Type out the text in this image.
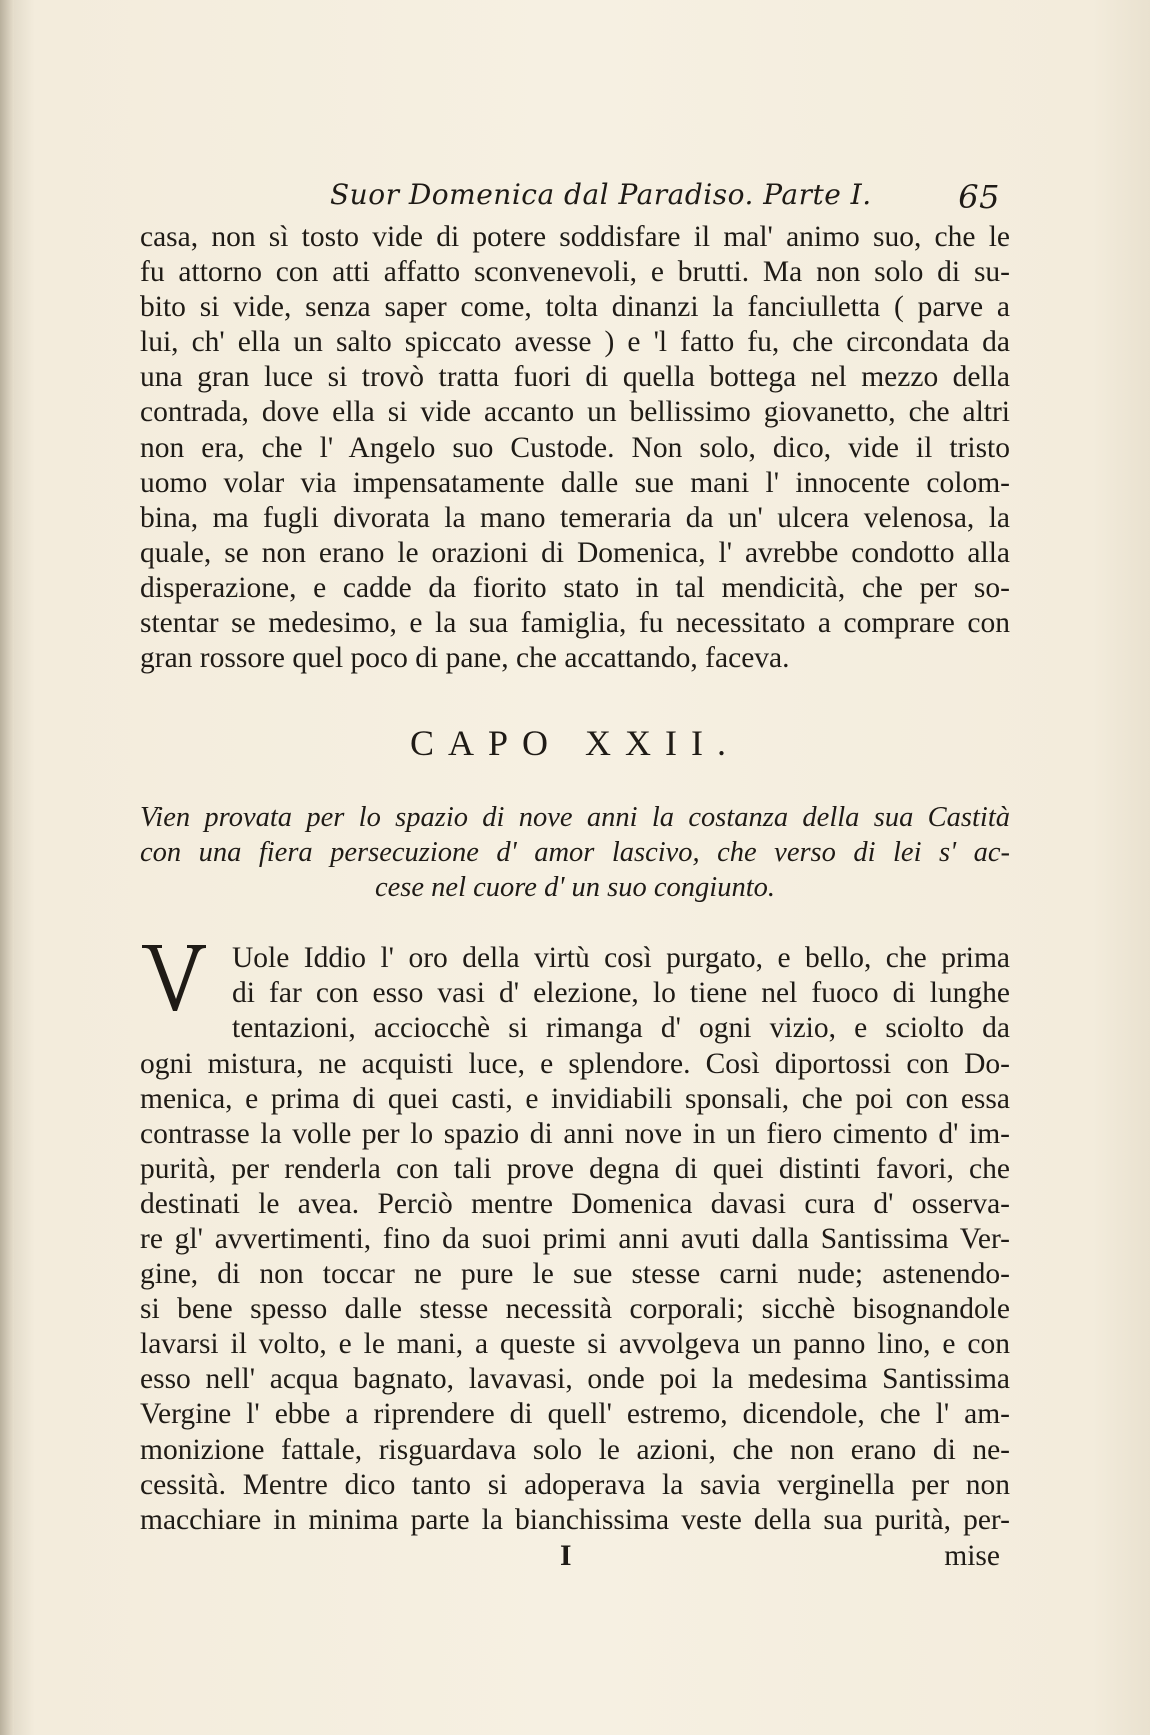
Suor Domenica dal Paradiso. Parte I.	65

casa, non sì tosto vide di potere soddisfare il mal' animo suo, che le
fu attorno con atti affatto sconvenevoli, e brutti. Ma non solo di su-
bito si vide, senza saper come, tolta dinanzi la fanciulletta ( parve a
lui, ch' ella un salto spiccato avesse ) e 'l fatto fu, che circondata da
una gran luce si trovò tratta fuori di quella bottega nel mezzo della
contrada, dove ella si vide accanto un bellissimo giovanetto, che altri
non era, che l' Angelo suo Custode. Non solo, dico, vide il tristo
uomo volar via impensatamente dalle sue mani l' innocente colom-
bina, ma fugli divorata la mano temeraria da un' ulcera velenosa, la
quale, se non erano le orazioni di Domenica, l' avrebbe condotto alla
disperazione, e cadde da fiorito stato in tal mendicità, che per so-
stentar se medesimo, e la sua famiglia, fu necessitato a comprare con
gran rossore quel poco di pane, che accattando, faceva.

CAPO XXII.

Vien provata per lo spazio di nove anni la costanza della sua Castità
con una fiera persecuzione d' amor lascivo, che verso di lei s' ac-
cese nel cuore d' un suo congiunto.

Uole Iddio l' oro della virtù così purgato, e bello, che prima
di far con esso vasi d' elezione, lo tiene nel fuoco di lunghe
tentazioni, acciocchè si rimanga d' ogni vizio, e sciolto da

ogni mistura, ne acquisti luce, e splendore. Così diportossi con Do-
menica, e prima di quei casti, e invidiabili sponsali, che poi con essa
contrasse la volle per lo spazio di anni nove in un fiero cimento d' im-
purità, per renderla con tali prove degna di quei distinti favori, che
destinati le avea. Perciò mentre Domenica davasi cura d' osserva-
re gl' avvertimenti, fino da suoi primi anni avuti dalla Santissima Ver-
gine, di non toccar ne pure le sue stesse carni nude; astenendo-
si bene spesso dalle stesse necessità corporali; sicchè bisognandole
lavarsi il volto, e le mani, a queste si avvolgeva un panno lino, e con
esso nell' acqua bagnato, lavavasi, onde poi la medesima Santissima
Vergine l' ebbe a riprendere di quell' estremo, dicendole, che l' am-
monizione fattale, risguardava solo le azioni, che non erano di ne-
cessità. Mentre dico tanto si adoperava la savia verginella per non
macchiare in minima parte la bianchissima veste della sua purità, per-

I	mise
